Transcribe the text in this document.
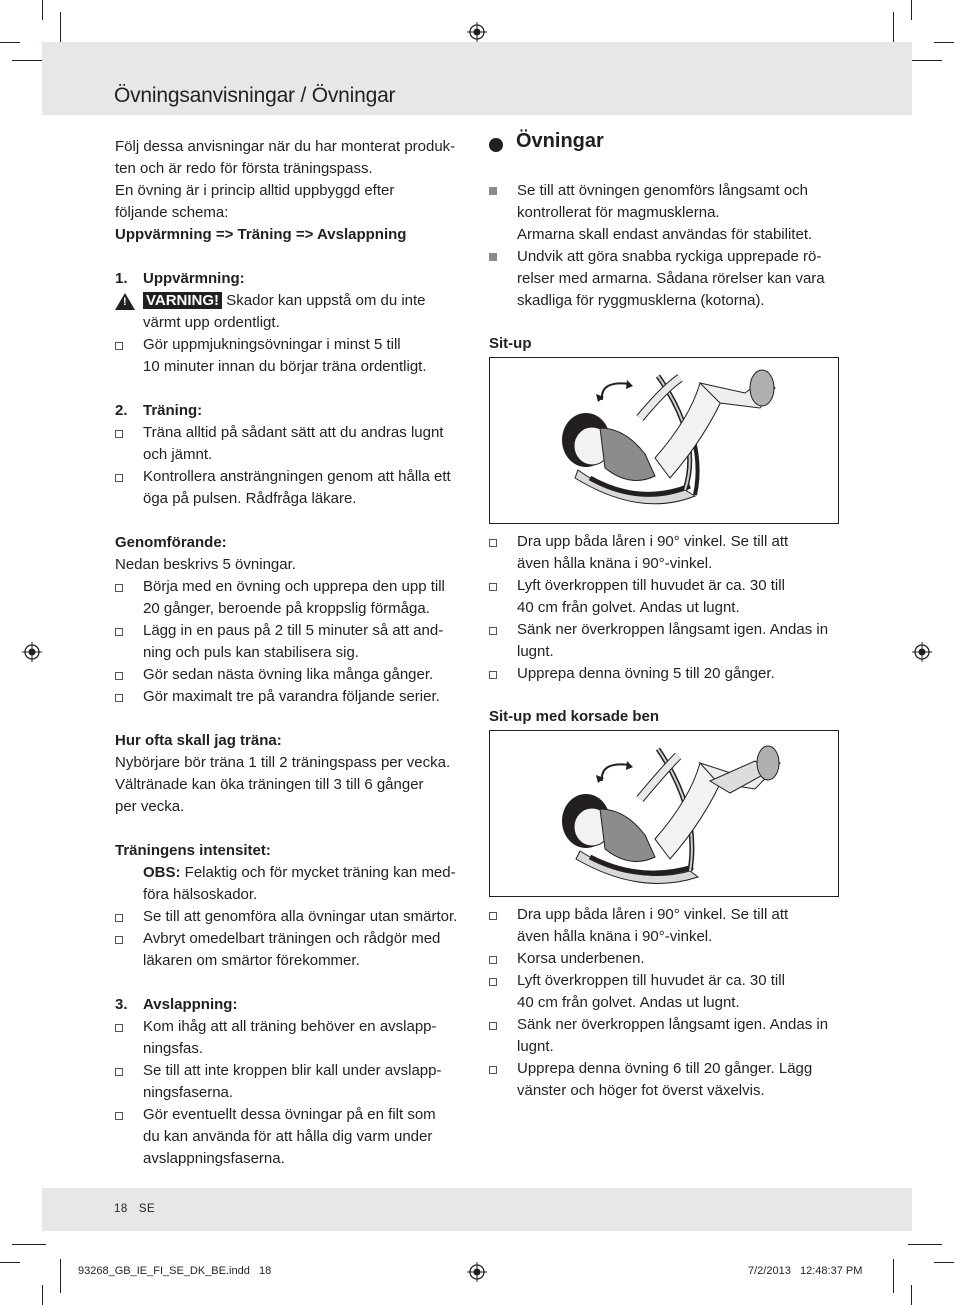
Övningsanvisningar / Övningar

Följ dessa anvisningar när du har monterat produk-

ten och är redo för första träningspass.

En övning är i princip alltid uppbyggd efter

följande schema:

Uppvärmning => Träning => Avslappning

1. Uppvärmning:
! VARNING! Skador kan uppstå om du inte

värmt upp ordentligt.

Gör uppmjukningsövningar i minst 5 till

10 minuter innan du börjar träna ordentligt.

2. Träning:

Träna alltid på sådant sätt att du andras lugnt

och jämnt.

Kontrollera ansträngningen genom att hålla ett

öga på pulsen. Rådfråga läkare.

Genomförande:

Nedan beskrivs 5 övningar.

Börja med en övning och upprepa den upp till

20 gånger, beroende på kroppslig förmåga.

Lägg in en paus på 2 till 5 minuter så att and-

ning och puls kan stabilisera sig.

Gör sedan nästa övning lika många gånger.

Gör maximalt tre på varandra följande serier.

Hur ofta skall jag träna:

Nybörjare bör träna 1 till 2 träningspass per vecka.

Vältränade kan öka träningen till 3 till 6 gånger

per vecka.

Träningens intensitet:

OBS: Felaktig och för mycket träning kan med-

föra hälsoskador.

Se till att genomföra alla övningar utan smärtor.

Avbryt omedelbart träningen och rådgör med

läkaren om smärtor förekommer.

3. Avslappning:

Kom ihåg att all träning behöver en avslapp-

ningsfas.

Se till att inte kroppen blir kall under avslapp-

ningsfaserna.

Gör eventuellt dessa övningar på en filt som

du kan använda för att hålla dig varm under

avslappningsfaserna.

Övningar

Se till att övningen genomförs långsamt och

kontrollerat för magmusklerna.

Armarna skall endast användas för stabilitet.

Undvik att göra snabba ryckiga upprepade rö-

relser med armarna. Sådana rörelser kan vara

skadliga för ryggmusklerna (kotorna).

Sit-up

Dra upp båda låren i 90° vinkel. Se till att

även hålla knäna i 90°-vinkel.

Lyft överkroppen till huvudet är ca. 30 till

40 cm från golvet. Andas ut lugnt.

Sänk ner överkroppen långsamt igen. Andas in

lugnt.

Upprepa denna övning 5 till 20 gånger.

Sit-up med korsade ben

Dra upp båda låren i 90° vinkel. Se till att

även hålla knäna i 90°-vinkel.

Korsa underbenen.

Lyft överkroppen till huvudet är ca. 30 till

40 cm från golvet. Andas ut lugnt.

Sänk ner överkroppen långsamt igen. Andas in

lugnt.

Upprepa denna övning 6 till 20 gånger. Lägg

vänster och höger fot överst växelvis.

18 SE
93268_GB_IE_FI_SE_DK_BE.indd   18	7/2/2013   12:48:37 PM
